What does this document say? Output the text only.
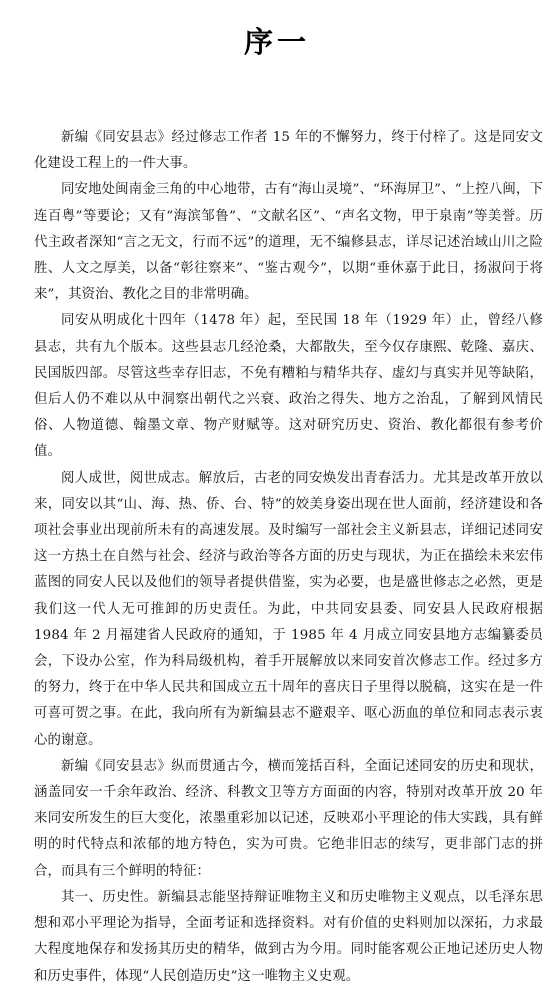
序一

新编《同安县志》经过修志工作者 15 年的不懈努力，终于付梓了。这是同安文化建设工程上的一件大事。

同安地处闽南金三角的中心地带，古有“海山灵境”、“环海屏卫”、“上控八闽，下连百粤”等要论；又有“海滨邹鲁”、“文献名区”、“声名文物，甲于泉南”等美誉。历代主政者深知“言之无文，行而不远”的道理，无不编修县志，详尽记述治域山川之险胜、人文之厚美，以备“彰往察来”、“鉴古观今”，以期“垂休嘉于此日，扬淑问于将来”，其资治、教化之目的非常明确。

同安从明成化十四年（1478 年）起，至民国 18 年（1929 年）止，曾经八修县志，共有九个版本。这些县志几经沧桑，大都散失，至今仅存康熙、乾隆、嘉庆、民国版四部。尽管这些幸存旧志，不免有糟粕与精华共存、虚幻与真实并见等缺陷，但后人仍不难以从中洞察出朝代之兴衰、政治之得失、地方之治乱，了解到风情民俗、人物道德、翰墨文章、物产财赋等。这对研究历史、资治、教化都很有参考价值。

阅人成世，阅世成志。解放后，古老的同安焕发出青春活力。尤其是改革开放以来，同安以其“山、海、热、侨、台、特”的姣美身姿出现在世人面前，经济建设和各项社会事业出现前所未有的高速发展。及时编写一部社会主义新县志，详细记述同安这一方热土在自然与社会、经济与政治等各方面的历史与现状，为正在描绘未来宏伟蓝图的同安人民以及他们的领导者提供借鉴，实为必要，也是盛世修志之必然，更是我们这一代人无可推卸的历史责任。为此，中共同安县委、同安县人民政府根据 1984 年 2 月福建省人民政府的通知，于 1985 年 4 月成立同安县地方志编纂委员会，下设办公室，作为科局级机构，着手开展解放以来同安首次修志工作。经过多方的努力，终于在中华人民共和国成立五十周年的喜庆日子里得以脱稿，这实在是一件可喜可贺之事。在此，我向所有为新编县志不避艰辛、呕心沥血的单位和同志表示衷心的谢意。

新编《同安县志》纵而贯通古今，横而笼括百科，全面记述同安的历史和现状，涵盖同安一千余年政治、经济、科教文卫等方方面面的内容，特别对改革开放 20 年来同安所发生的巨大变化，浓墨重彩加以记述，反映邓小平理论的伟大实践，具有鲜明的时代特点和浓郁的地方特色，实为可贵。它绝非旧志的续写，更非部门志的拼合，而具有三个鲜明的特征：

其一、历史性。新编县志能坚持辩证唯物主义和历史唯物主义观点，以毛泽东思想和邓小平理论为指导，全面考证和选择资料。对有价值的史料则加以深拓，力求最大程度地保存和发扬其历史的精华，做到古为今用。同时能客观公正地记述历史人物和历史事件，体现“人民创造历史”这一唯物主义史观。
